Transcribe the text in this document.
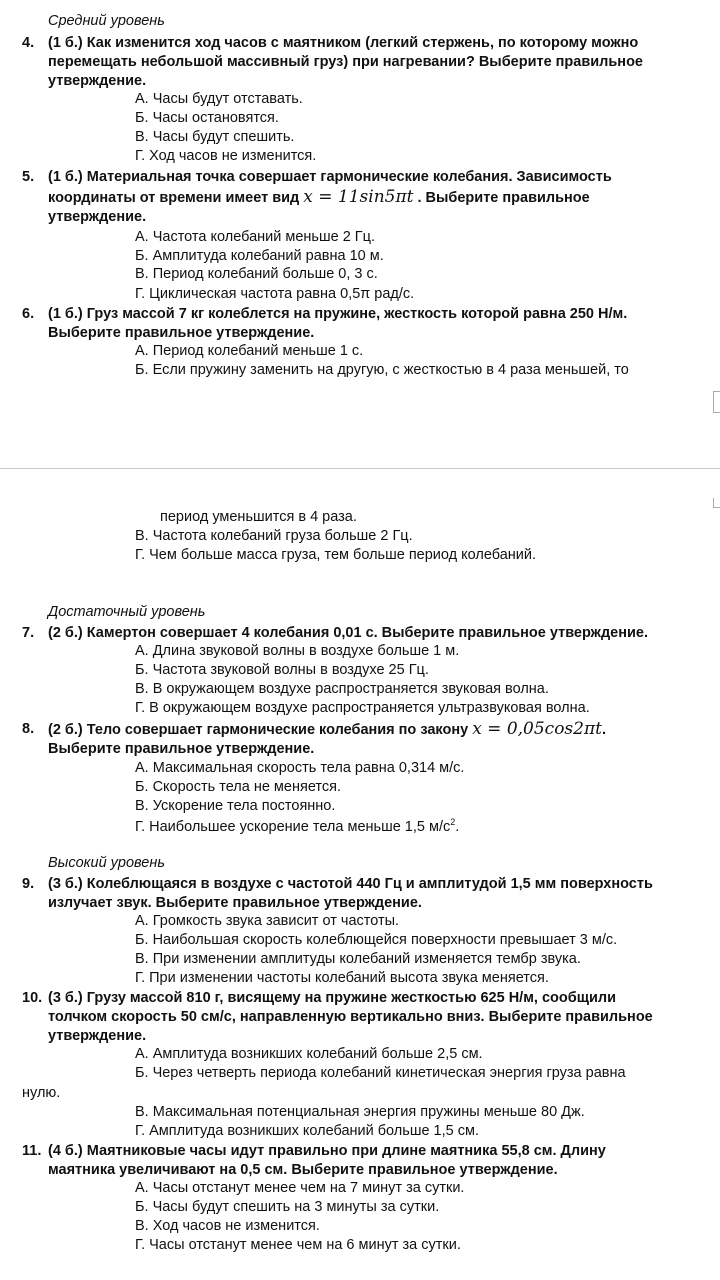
Средний уровень
4. (1 б.) Как изменится ход часов с маятником (легкий стержень, по которому можно
перемещать небольшой массивный груз) при нагревании? Выберите правильное
утверждение.
А. Часы будут отставать.
Б. Часы остановятся.
В. Часы будут спешить.
Г. Ход часов не изменится.
5. (1 б.) Материальная точка совершает гармонические колебания. Зависимость
координаты от времени имеет вид x = 11sin5πt . Выберите правильное
утверждение.
А. Частота колебаний меньше 2 Гц.
Б. Амплитуда колебаний равна 10 м.
В. Период колебаний больше 0, 3 с.
Г. Циклическая частота равна 0,5π рад/с.
6. (1 б.) Груз массой 7 кг колеблется на пружине, жесткость которой равна 250 Н/м.
Выберите правильное утверждение.
А. Период колебаний меньше 1 с.
Б. Если пружину заменить на другую, с жесткостью в 4 раза меньшей, то
период уменьшится в 4 раза.
В. Частота колебаний груза больше 2 Гц.
Г. Чем больше масса груза, тем больше период колебаний.
Достаточный уровень
7. (2 б.) Камертон совершает 4 колебания 0,01 с. Выберите правильное утверждение.
А. Длина звуковой волны в воздухе больше 1 м.
Б. Частота звуковой волны в воздухе 25 Гц.
В. В окружающем воздухе распространяется звуковая волна.
Г. В окружающем воздухе распространяется ультразвуковая волна.
8. (2 б.) Тело совершает гармонические колебания по закону x = 0,05cos2πt.
Выберите правильное утверждение.
А. Максимальная скорость тела равна 0,314 м/с.
Б. Скорость тела не меняется.
В. Ускорение тела постоянно.
Г. Наибольшее ускорение тела меньше 1,5 $м/с^2$.
Высокий уровень
9. (3 б.) Колеблющаяся в воздухе с частотой 440 Гц и амплитудой 1,5 мм поверхность
излучает звук. Выберите правильное утверждение.
А. Громкость звука зависит от частоты.
Б. Наибольшая скорость колеблющейся поверхности превышает 3 м/с.
В. При изменении амплитуды колебаний изменяется тембр звука.
Г. При изменении частоты колебаний высота звука меняется.
10. (3 б.) Грузу массой 810 г, висящему на пружине жесткостью 625 Н/м, сообщили
толчком скорость 50 см/с, направленную вертикально вниз. Выберите правильное
утверждение.
А. Амплитуда возникших колебаний больше 2,5 см.
Б. Через четверть периода колебаний кинетическая энергия груза равна
нулю.
В. Максимальная потенциальная энергия пружины меньше 80 Дж.
Г. Амплитуда возникших колебаний больше 1,5 см.
11. (4 б.) Маятниковые часы идут правильно при длине маятника 55,8 см. Длину
маятника увеличивают на 0,5 см. Выберите правильное утверждение.
А. Часы отстанут менее чем на 7 минут за сутки.
Б. Часы будут спешить на 3 минуты за сутки.
В. Ход часов не изменится.
Г. Часы отстанут менее чем на 6 минут за сутки.
